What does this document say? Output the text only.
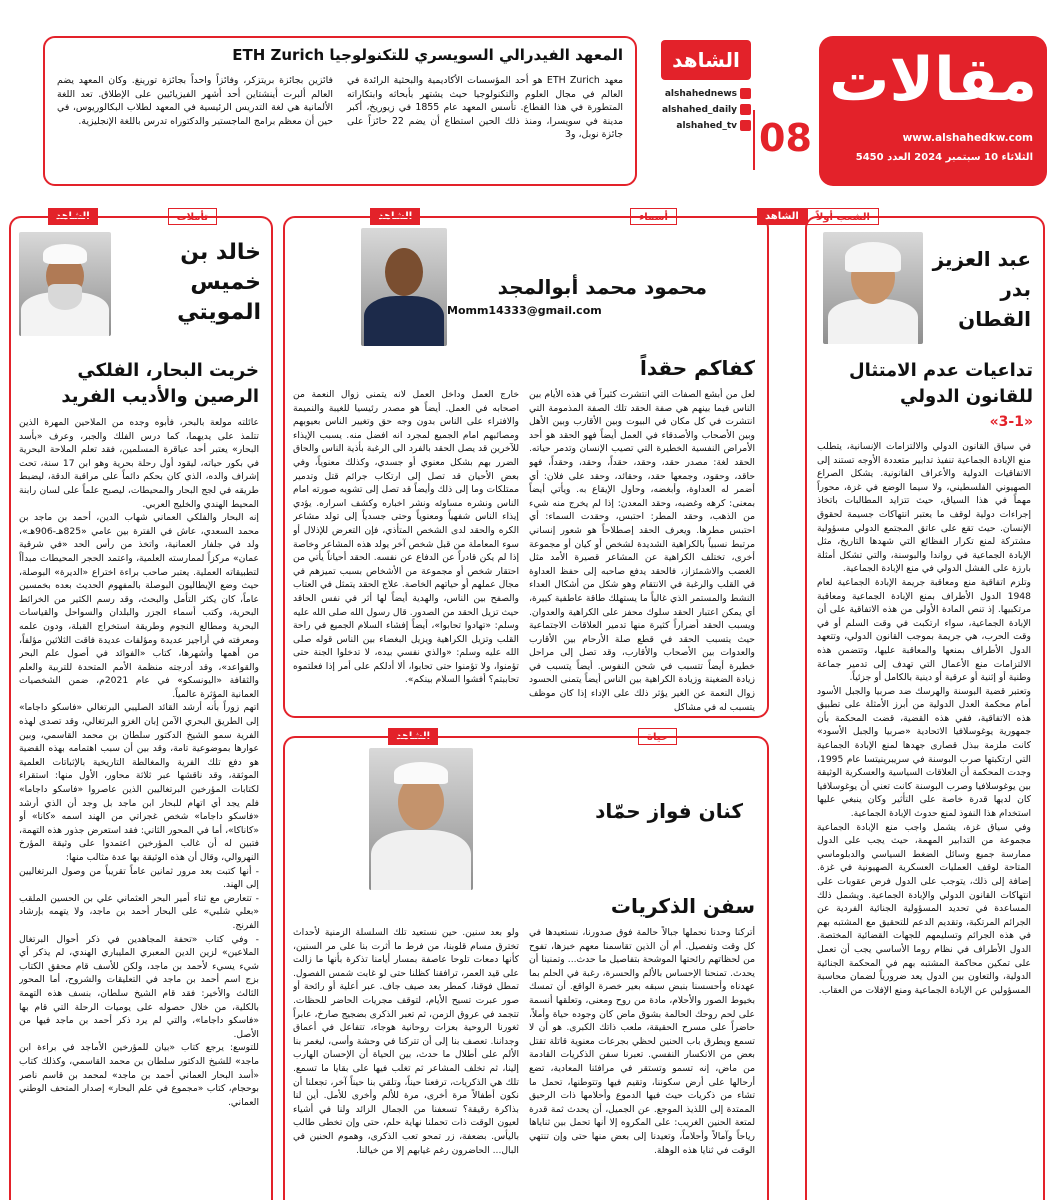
مقالات
www.alshahedkw.com
الثلاثاء 10 سبتمبر 2024 العدد 5450
الشاهد
alshahednews
alshahed_daily
alshahed_tv 08
المعهد الفيدرالي السويسري للتكنولوجيا ETH Zurich

معهد ETH Zurich هو أحد المؤسسات الأكاديمية والبحثية الرائدة في العالم في مجال العلوم والتكنولوجيا حيث يشتهر بأبحاثه وابتكاراته المتطورة في هذا القطاع. تأسس المعهد عام 1855 في زيوريخ، أكبر مدينة في سويسرا، ومنذ ذلك الحين استطاع أن يضم 22 حائزاً على جائزة نوبل، و3

فائزين بجائزة بريتزكر، وفائزاً واحداً بجائزة تورينغ. وكان المعهد يضم العالم ألبرت أينشتاين أحد أشهر الفيزيائيين على الإطلاق. تعد اللغة الألمانية هي لغة التدريس الرئيسية في المعهد لطلاب البكالوريوس، في حين أن معظم برامج الماجستير والدكتوراه تدرس باللغة الإنجليزية.

الشعب أولاً
الشاهد
عبد العزيز
بدر القطان
تداعيات عدم الامتثال للقانون الدولي
«3-1»

في سياق القانون الدولي والالتزامات الإنسانية، يتطلب منع الإبادة الجماعية تنفيذ تدابير متعددة الأوجه تستند إلى الاتفاقيات الدولية والأعراف القانونية. يشكل الصراع الصهيوني الفلسطيني، ولا سيما الوضع في غزة، محوراً مهماً في هذا السياق، حيث تتزايد المطالبات باتخاذ إجراءات دولية لوقف ما يعتبر انتهاكات جسيمة لحقوق الإنسان. حيث تقع على عاتق المجتمع الدولي مسؤولية مشتركة لمنع تكرار الفظائع التي شهدها التاريخ، مثل الإبادة الجماعية في رواندا والبوسنة، والتي تشكل أمثلة بارزة على الفشل الدولي في منع الإبادة الجماعية.

وتلزم اتفاقية منع ومعاقبة جريمة الإبادة الجماعية لعام 1948 الدول الأطراف بمنع الإبادة الجماعية ومعاقبة مرتكبيها. إذ تنص المادة الأولى من هذه الاتفاقية على أن الإبادة الجماعية، سواء ارتكبت في وقت السلم أو في وقت الحرب، هي جريمة بموجب القانون الدولي، وتتعهد الدول الأطراف بمنعها والمعاقبة عليها، وتتضمن هذه الالتزامات منع الأعمال التي تهدف إلى تدمير جماعة وطنية أو إثنية أو عرقية أو دينية بالكامل أو جزئياً.

وتعتبر قضية البوسنة والهرسك ضد صربيا والجبل الأسود أمام محكمة العدل الدولية من أبرز الأمثلة على تطبيق هذه الاتفاقية، ففي هذه القضية، قضت المحكمة بأن جمهورية يوغوسلافيا الاتحادية «صربيا والجبل الأسود» كانت ملزمة ببذل قصارى جهدها لمنع الإبادة الجماعية التي ارتكبتها صرب البوسنة في سريبرينيتسا عام 1995، وجدت المحكمة أن العلاقات السياسية والعسكرية الوثيقة بين يوغوسلافيا وصرب البوسنة كانت تعني أن يوغوسلافيا كان لديها قدرة خاصة على التأثير وكان ينبغي عليها استخدام هذا النفوذ لمنع حدوث الإبادة الجماعية.

وفي سياق غزة، يشمل واجب منع الإبادة الجماعية مجموعة من التدابير المهمة، حيث يجب على الدول ممارسة جميع وسائل الضغط السياسي والدبلوماسي المتاحة لوقف العمليات العسكرية الصهيونية في غزة. إضافة إلى ذلك، يتوجب على الدول فرض عقوبات على انتهاكات القانون الدولي والإبادة الجماعية. ويشمل ذلك المساعدة في تحديد المسؤولية الجنائية الفردية عن الجرائم المرتكبة، وتقديم الدعم للتحقيق مع المشتبه بهم في هذه الجرائم وتسليمهم للجهات القضائية المختصة. الدول الأطراف في نظام روما الأساسي يجب أن تعمل على تمكين محاكمة المشتبه بهم في المحكمة الجنائية الدولية، والتعاون بين الدول يعد ضرورياً لضمان محاسبة المسؤولين عن الإبادة الجماعية ومنع الإفلات من العقاب.

أسماء
الشاهد
محمود محمد أبوالمجد
Momm14333@gmail.com
كفاكم حقداً
لعل من أبشع الصفات التي انتشرت كثيراً في هذه الأيام بين الناس فيما بينهم هي صفة الحقد تلك الصفة المذمومة التي انتشرت في كل مكان في البيوت وبين الأقارب وبين الأهل وبين الأصحاب والأصدقاء في العمل أيضاً فهو الحقد هو أحد الأمراض النفسية الخطيرة التي تصيب الإنسان وتدمر حياته. الحقد لغة: مصدر حقد، وحقد، حقداً، وحقد، وحقداً، فهو حاقد، وحقود، وجمعها حقد، وحقائد، وحقد على فلان: أي أضمر له العداوة، وأبغضه، وحاول الإيقاع به. ويأتي أيضاً بمعنى: كرهه وغضبه، وحقد المعدن: إذا لم يخرج منه شيء من الذهب، وحقد المطر: احتبس، وحقدت السماء: أي احتبس مطرها. ويعرف الحقد إصطلاحاً هو شعور إنساني مرتبط نسبياً بالكراهية الشديدة لشخص أو كيان أو مجموعة أخرى، تختلف الكراهية عن المشاعر قصيرة الأمد مثل الغضب والاشمئزاز، فالحقد يدفع صاحبه إلى حفظ العداوة في القلب والرغبة في الانتقام وهو شكل من أشكال العداء النشط والمستمر الذي غالباً ما يستهلك طاقة عاطفية كبيرة، أي يمكن اعتبار الحقد سلوك محفز على الكراهية والعدوان. ويسبب الحقد أضراراً كثيرة منها تدمير العلاقات الاجتماعية حيث يتسبب الحقد في قطع صلة الأرحام بين الأقارب والعدوات بين الأصحاب والأقارب، وقد تصل إلى مراحل خطيرة أيضاً تتسبب في شحن النفوس. أيضاً يتسبب في زيادة الضغينة وزيادة الكراهية بين الناس أيضاً يتمنى الحسود زوال النعمة عن الغير يؤثر ذلك على الإداء إذا كان موظف يتسبب له في مشاكل
خارج العمل وداخل العمل لانه يتمنى زوال النعمة من اصحابه في العمل. أيضاً هو مصدر رئيسيا للغيبة والنميمة والافتراء على الناس بدون وجه حق وتغيير الناس بعيوبهم ومصائبهم امام الجميع لمجرد انه افضل منه. يسبب الإيذاء للآخرين قد يصل الحقد بالفرد الى الرغبة بأذية الناس والحاق الضرر بهم بشكل معنوي أو جسدي، وكذلك معنوياً، وفي بعض الأحيان قد تصل إلى ارتكاب جرائم قتل وتدمير ممتلكات وما إلى ذلك وأيضاً قد تصل إلى تشويه صورته امام الناس ونشره مساوئه ونشر اخباره وكشف اسراره. يؤدي إيذاء الناس شفهياً ومعنوياً وحتى جسدياً إلى تولد مشاعر الكره والحقد لدى الشخص المتأذي، فإن التعرض للإذلال أو سوء المعاملة من قبل شخص آخر يولد هذه المشاعر وخاصة إذا لم يكن قادراً عن الدفاع عن نفسه. الحقد أحياناً يأتي من احتقار شخص أو مجموعة من الأشخاص بسبب تميزهم في مجال عملهم أو حياتهم الخاصة. علاج الحقد يتمثل في العتاب والصفح بين الناس، والهدية أيضاً لها أثر في نفس الحاقد حيث تزيل الحقد من الصدور. قال رسول الله صلى الله عليه وسلم: «تهادوا تحابوا»، أيضاً إفشاء السلام الجميع في راحة القلب وتزيل الكراهية ويزيل البغضاء بين الناس قوله صلى الله عليه وسلم: «والذي نفسي بيده، لا تدخلوا الجنة حتى تؤمنوا، ولا تؤمنوا حتى تحابوا، ألا أدلكم على أمر إذا فعلتموه تحاببتم؟ أفشوا السلام بينكم».
تأملات
الشاهد
خالد بن خميس
المويتي
خريت البحار، الفلكي الرصين والأديب الفريد

عائلته مولعة بالبحر، فأبوه وجده من الملاحين المهرة الذين تتلمذ على يديهما، كما درس الفلك والجبر، وعرف «بأسد البحار» يعتبر أحد عباقرة المسلمين، فقد تعلم الملاحة البحرية في بكور حياته، ليقود أول رحلة بحرية وهو ابن 17 سنة، تحت إشراف والده، الذي كان بحكم دائماً على مراقبة الدقة، ليضبط طريقه في لجج البحار والمحيطات، ليصبح علماً على لسان رابنة المحيط الهندي والخليج العربي.

إنه البحار والفلكي العماني شهاب الدين، أحمد بن ماجد بن محمد السعدي، عاش في الفترة بين عامي «825هـ-906هـ»، ولد في جلفار العمانية، واتخذ من رأس الحد «في شرقية عمان» مركزاً لممارسته العلمية، واعتمد الحجر المحيطات مبدأاً لتطبيقاته العملية. يعتبر صاحب براءة اختراع «الديرة» البوصلة، حيث وضع الإيطاليون البوصلة بالمفهوم الحديث بعده بخمسين عاماً، كان يكثر التأمل والبحث، وقد رسم الكثير من الخرائط البحرية، وكتب أسماء الجزر والبلدان والسواحل والقياسات البحرية ومطالع النجوم وطريقة استخراج القبلة، ودون علمه ومعرفته في أراجيز عديدة ومؤلفات عديدة فاقت الثلاثين مؤلفاً، من أهمها وأشهرها، كتاب «الفوائد في أصول علم البحر والقواعد»، وقد أدرجته منظمة الأمم المتحدة للتربية والعلم والثقافة «اليونسكو» في عام 2021م، ضمن الشخصيات العمانية المؤثرة عالمياً.

اتهم زوراً بأنه أرشد القائد الصليبي البرتغالي «فاسكو داجاما» إلى الطريق البحري الآمن إبان الغزو البرتغالي، وقد تصدى لهذه الفرية سمو الشيخ الدكتور سلطان بن محمد القاسمي، وبين عوارها بموضوعية تامة، وقد بين أن سبب اهتمامه بهذه القضية هو دفع تلك الفرية والمغالطة التاريخية بالإثباتات العلمية الموثقة، وقد ناقشها عبر ثلاثة محاور، الأول منها: استقراء لكتابات المؤرخين البرتغاليين الذين عاصروا «فاسكو داجاما» فلم يجد أي اتهام للبحار ابن ماجد بل وجد أن الذي أرشد «فاسكو داجاما» شخص غجراتي من الهند اسمه «كانا» أو «كاناكا»، أما في المحور الثاني: فقد استعرض جذور هذه التهمة، فتبين له أن غالب المؤرخين اعتمدوا على وثيقة المؤرخ النهروالي، وقال أن هذه الوثيقة بها عدة مثالب منها:

- أنها كتبت بعد مرور ثمانين عاماً تقريباً من وصول البرتغاليين إلى الهند.

- تتعارض مع ثناء أمير البحر العثماني علي بن الحسين الملقب «بعلي شلبي» على البحار أحمد بن ماجد، ولا يتهمه بإرشاد الفرنج.

- وفي كتاب «تحفة المجاهدين في ذكر أحوال البرتغال الملاعين» لزين الدين المعبري المليباري الهندي، لم يذكر أي شيء يسيء لأحمد بن ماجد، ولكن للأسف قام محقق الكتاب بزج اسم أحمد بن ماجد في التعليقات والشروح، أما المحور الثالث والأخير: فقد قام الشيخ سلطان، بنسف هذه التهمة بالكلية، من خلال حصوله على يوميات الرحلة التي قام بها «فاسكو داجاما»، والتي لم يرد ذكر أحمد بن ماجد فيها من الأصل.

للتوسع: يرجع كتاب «بيان للمؤرخين الأماجد في براءة ابن ماجد» للشيخ الدكتور سلطان بن محمد القاسمي، وكذلك كتاب «أسد البحار العماني أحمد بن ماجد» لمحمد بن قاسم ناصر بوحجام، كتاب «مجموع في علم البحار» إصدار المتحف الوطني العماني.

حياة
الشاهد
كنان فواز حمّاد
سفن الذكريات
أتركنا وحدنا نحملها جبالاً حالمة فوق صدورنا، نستعيدها في كل وقت وتفصيل. أم أن الذين تقاسمنا معهم خبزها، تفوح من لحظاتهم رائحتها الموشحة بتفاصيل ما حدث... وتمنينا أن يحدث. تمنحنا الإحساس بالألم والحسرة، رغبة في الحلم بما عهدناه وأحسسنا بنبض سبقه بعير خصرة الواقع. أن تمسك بخيوط الصور والأحلام، مادة من روح ومعنى، وتعلقها أنسمة على لحم روحك الحالمة بشوق ماض كان وجوده حياة وأملاً، حاضراً على مسرح الحقيقة، ملعب ذاتك الكبرى. هو أن لا تسمع ويطرق باب الحنين لحظي بجرعات معنوية قاتلة تقتل بعض من الانكسار النفسي. تعبرنا سفن الذكريات القادمة من ماض، إنه تسمو وتستقر في مرافئنا المعادية، تضع أرحالها على أرض سكوننا، وتقيم فيها وتتوطنها، تحمل ما تشاء من ذكريات حيث فيها الدموع وأحلامها ذات الرحيق الممتدة إلى اللذيذ الموجع. عن الجميل، أن يحدث ثمة قدرة لمتعة الحنين الغريب: على المكروه إلا أنها تحمل بين ثناياها رياحاً وآمالاً وأحلاماً، وتعيدنا إلى بعض منها حتى وإن تنتهي الوقت في ثنايا هذه الوهلة.
ولو بعد سنين. حين نستعيد تلك السلسلة الزمنية لأحداث تخترق مسام قلوبنا، من فرط ما أثرت بنا على مر السنين، كأنها دمعات تلوحا عاصفة بمسار أيامنا تذكرة بأنها ما زالت على قيد العمر، ترافقنا كظلنا حتى لو غابت شمس الفصول. تمطل فوقنا، كمطر بعد صيف جاف. عبر أعلية أو رائحة أو صور عبرت تسيح الأيام، لتوقف مجريات الحاضر للحظات. تتجمد في عروق الزمن، ثم تعبر الذكرى بضجيج صارخ، عابراً ثغورنا الروحية بعزات روحانية هوجاء، تتفاعل في أعماق وجداننا. تعصف بنا إلى أن تتركنا في وحشة وأسى، ليغمر بنا الألم على أطلال ما حدث، بين الحياة أن الإحسان الهارب إلينا، ثم تخلف المشاعر ثم تغلب فيها على بقايا ما تسمع. تلك هي الذكريات، ترفعنا حيناً، وتلقي بنا حيناً آخر، تجعلنا أن نكون أطفالاً مرة أخرى، مرة للألم وأخرى للأمل. أين لنا بذاكرة رقيقة؟ تسعفنا من الجمال الزائد ولنا في أشياء لعيون الوقت ذات تحملنا نهاية حلم، حتى وإن تخطى طالب باليأس. بضعفة، زر تمحو تعب الذكرى، وهموم الحنين في البال... الحاضرون رغم غيابهم إلا من خيالنا.
